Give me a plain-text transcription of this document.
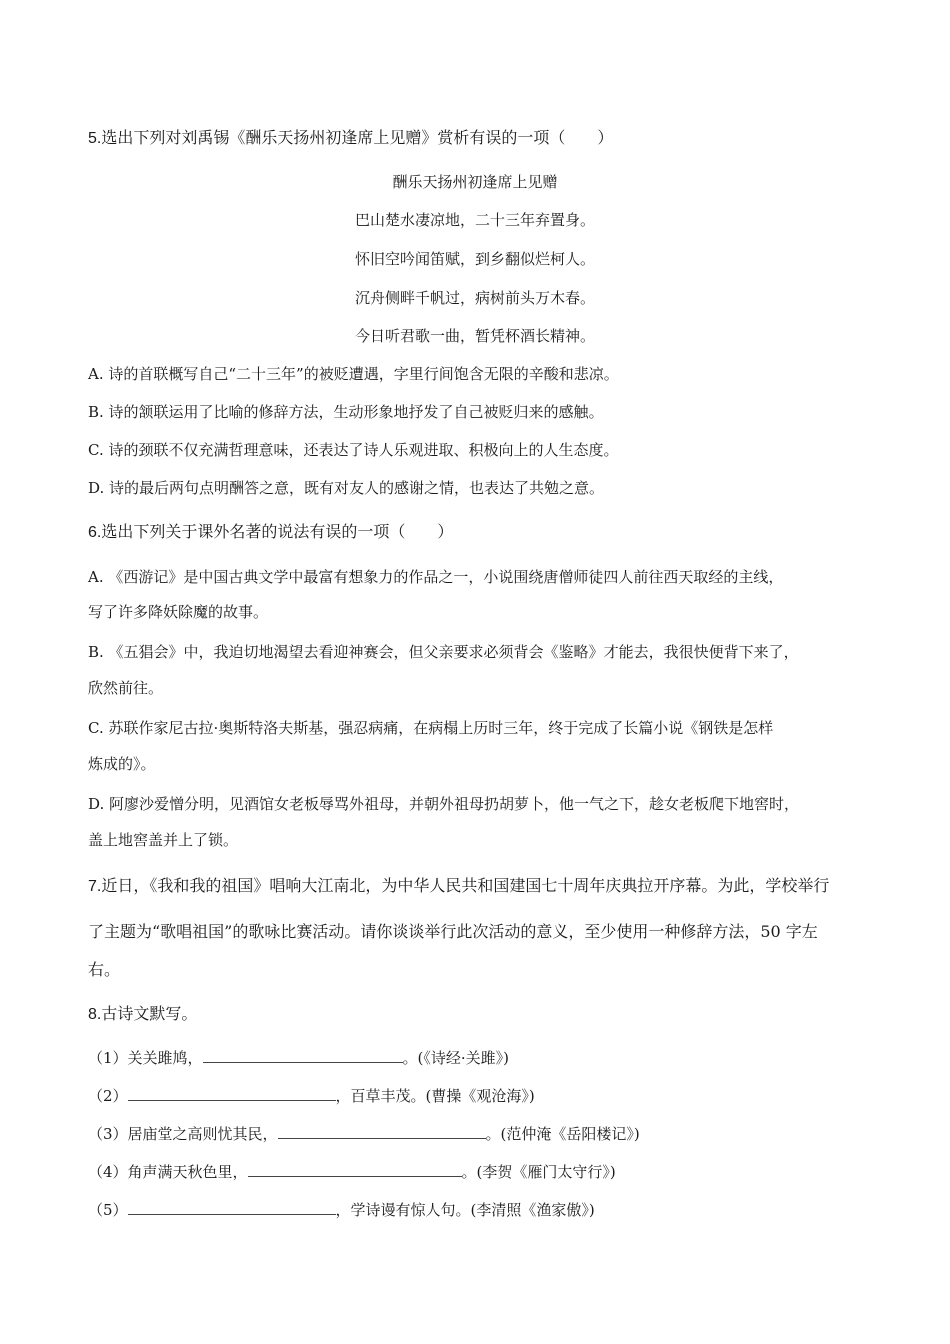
5.选出下列对刘禹锡《酬乐天扬州初逢席上见赠》赏析有误的一项（　　）
酬乐天扬州初逢席上见赠
巴山楚水凄凉地，二十三年弃置身。
怀旧空吟闻笛赋，到乡翻似烂柯人。
沉舟侧畔千帆过，病树前头万木春。
今日听君歌一曲，暂凭杯酒长精神。
A. 诗的首联概写自己“二十三年”的被贬遭遇，字里行间饱含无限的辛酸和悲凉。
B. 诗的颔联运用了比喻的修辞方法，生动形象地抒发了自己被贬归来的感触。
C. 诗的颈联不仅充满哲理意味，还表达了诗人乐观进取、积极向上的人生态度。
D. 诗的最后两句点明酬答之意，既有对友人的感谢之情，也表达了共勉之意。
6.选出下列关于课外名著的说法有误的一项（　　）
A. 《西游记》是中国古典文学中最富有想象力的作品之一，小说围绕唐僧师徒四人前往西天取经的主线，
写了许多降妖除魔的故事。
B. 《五猖会》中，我迫切地渴望去看迎神赛会，但父亲要求必须背会《鉴略》才能去，我很快便背下来了，
欣然前往。
C. 苏联作家尼古拉·奥斯特洛夫斯基，强忍病痛，在病榻上历时三年，终于完成了长篇小说《钢铁是怎样
炼成的》。
D. 阿廖沙爱憎分明，见酒馆女老板辱骂外祖母，并朝外祖母扔胡萝卜，他一气之下，趁女老板爬下地窖时，
盖上地窖盖并上了锁。
7.近日，《我和我的祖国》唱响大江南北，为中华人民共和国建国七十周年庆典拉开序幕。为此，学校举行
了主题为“歌唱祖国”的歌咏比赛活动。请你谈谈举行此次活动的意义，至少使用一种修辞方法，50 字左
右。
8.古诗文默写。
（1）关关雎鸠，	。(《诗经·关雎》)
（2）	，百草丰茂。(曹操《观沧海》)
（3）居庙堂之高则忧其民，	。(范仲淹《岳阳楼记》)
（4）角声满天秋色里，	。(李贺《雁门太守行》)
（5）	，学诗谩有惊人句。(李清照《渔家傲》)
